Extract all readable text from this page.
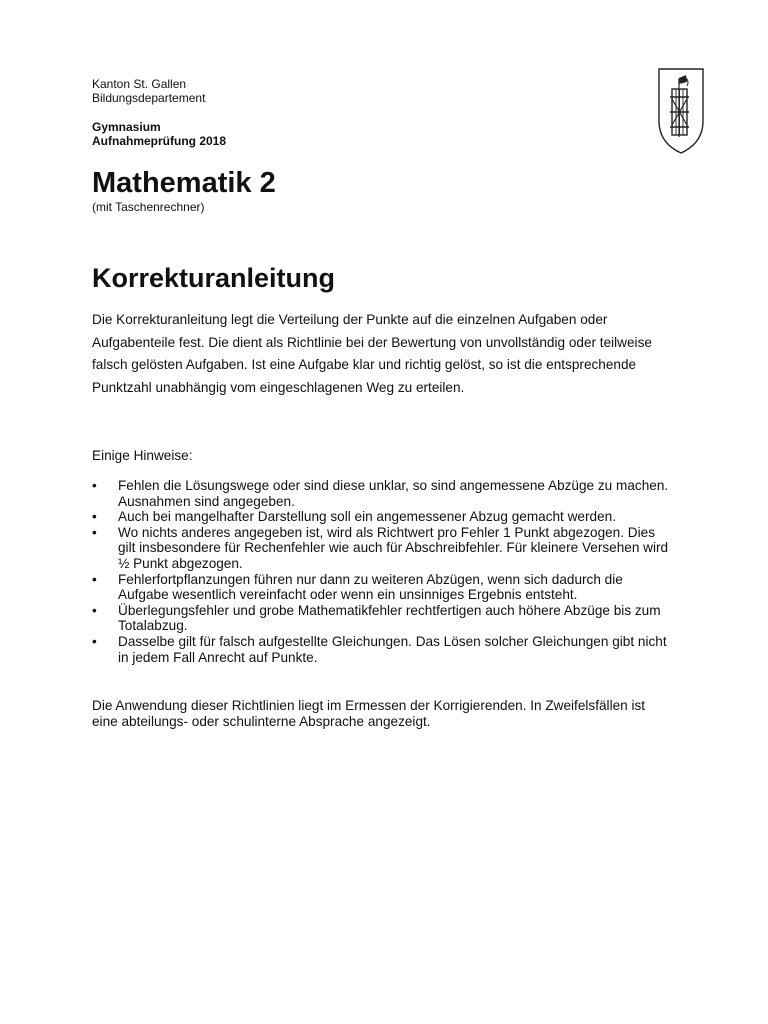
Kanton St. Gallen
Bildungsdepartement
Gymnasium
Aufnahmeprüfung 2018
Mathematik 2
(mit Taschenrechner)
Korrekturanleitung
Die Korrekturanleitung legt die Verteilung der Punkte auf die einzelnen Aufgaben oder Aufgabenteile fest. Die dient als Richtlinie bei der Bewertung von unvollständig oder teilweise falsch gelösten Aufgaben. Ist eine Aufgabe klar und richtig gelöst, so ist die entsprechende Punktzahl unabhängig vom eingeschlagenen Weg zu erteilen.
Einige Hinweise:
•	Fehlen die Lösungswege oder sind diese unklar, so sind angemessene Abzüge zu machen. Ausnahmen sind angegeben.
•	Auch bei mangelhafter Darstellung soll ein angemessener Abzug gemacht werden.
•	Wo nichts anderes angegeben ist, wird als Richtwert pro Fehler 1 Punkt abgezogen. Dies gilt insbesondere für Rechenfehler wie auch für Abschreibfehler. Für kleinere Versehen wird ½ Punkt abgezogen.
•	Fehlerfortpflanzungen führen nur dann zu weiteren Abzügen, wenn sich dadurch die Aufgabe wesentlich vereinfacht oder wenn ein unsinniges Ergebnis entsteht.
•	Überlegungsfehler und grobe Mathematikfehler rechtfertigen auch höhere Abzüge bis zum Totalabzug.
•	Dasselbe gilt für falsch aufgestellte Gleichungen. Das Lösen solcher Gleichungen gibt nicht in jedem Fall Anrecht auf Punkte.
Die Anwendung dieser Richtlinien liegt im Ermessen der Korrigierenden. In Zweifelsfällen ist eine abteilungs- oder schulinterne Absprache angezeigt.
